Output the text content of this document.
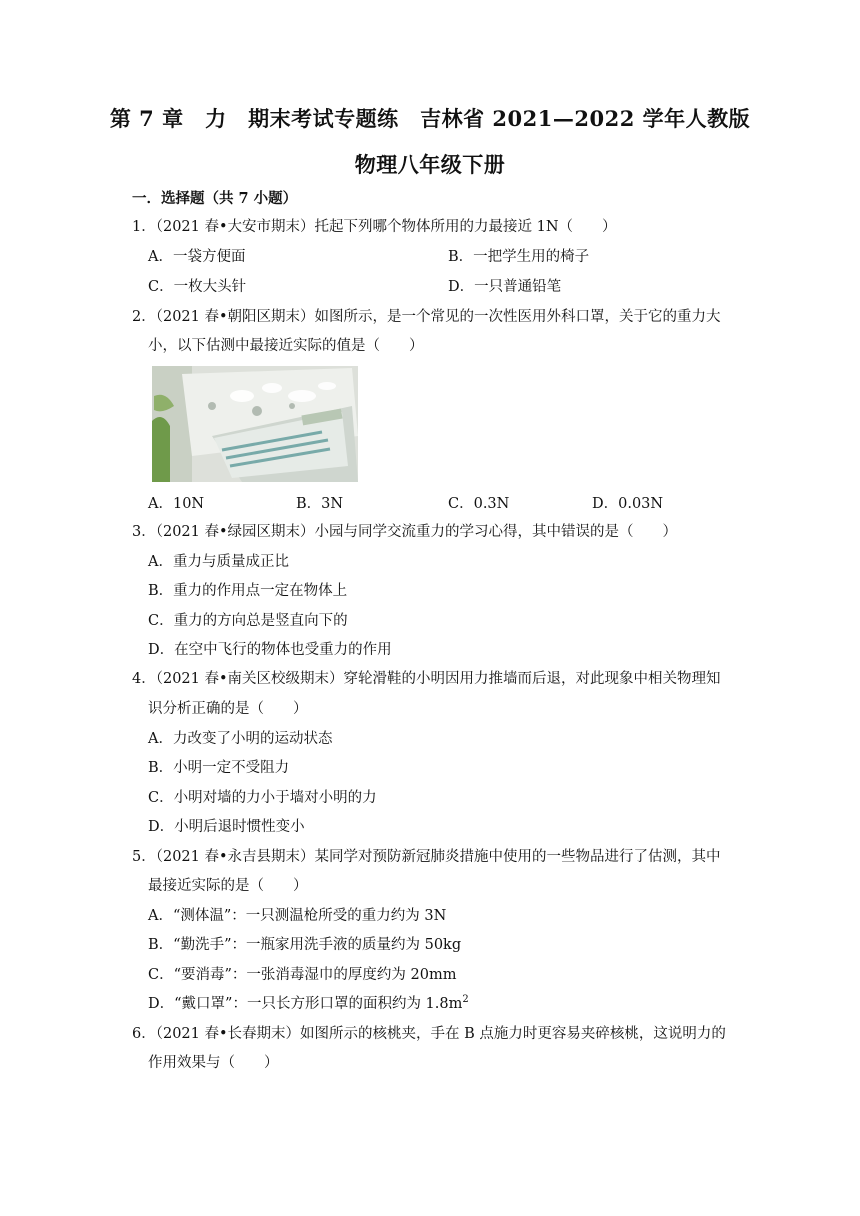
第 7 章　力　期末考试专题练　吉林省 2021—2022 学年人教版
物理八年级下册
一．选择题（共 7 小题）
1．（2021 春•大安市期末）托起下列哪个物体所用的力最接近 1N（　　）
A．一袋方便面	B．一把学生用的椅子
C．一枚大头针	D．一只普通铅笔
2．（2021 春•朝阳区期末）如图所示，是一个常见的一次性医用外科口罩，关于它的重力大
小，以下估测中最接近实际的值是（　　）
A．10N	B．3N	C．0.3N	D．0.03N
3．（2021 春•绿园区期末）小园与同学交流重力的学习心得，其中错误的是（　　）
A．重力与质量成正比
B．重力的作用点一定在物体上
C．重力的方向总是竖直向下的
D．在空中飞行的物体也受重力的作用
4．（2021 春•南关区校级期末）穿轮滑鞋的小明因用力推墙而后退，对此现象中相关物理知
识分析正确的是（　　）
A．力改变了小明的运动状态
B．小明一定不受阻力
C．小明对墙的力小于墙对小明的力
D．小明后退时惯性变小
5．（2021 春•永吉县期末）某同学对预防新冠肺炎措施中使用的一些物品进行了估测，其中
最接近实际的是（　　）
A．“测体温”：一只测温枪所受的重力约为 3N
B．“勤洗手”：一瓶家用洗手液的质量约为 50kg
C．“要消毒”：一张消毒湿巾的厚度约为 20mm
D．“戴口罩”：一只长方形口罩的面积约为 $1.8m^2$
6．（2021 春•长春期末）如图所示的核桃夹，手在 B 点施力时更容易夹碎核桃，这说明力的
作用效果与（　　）
